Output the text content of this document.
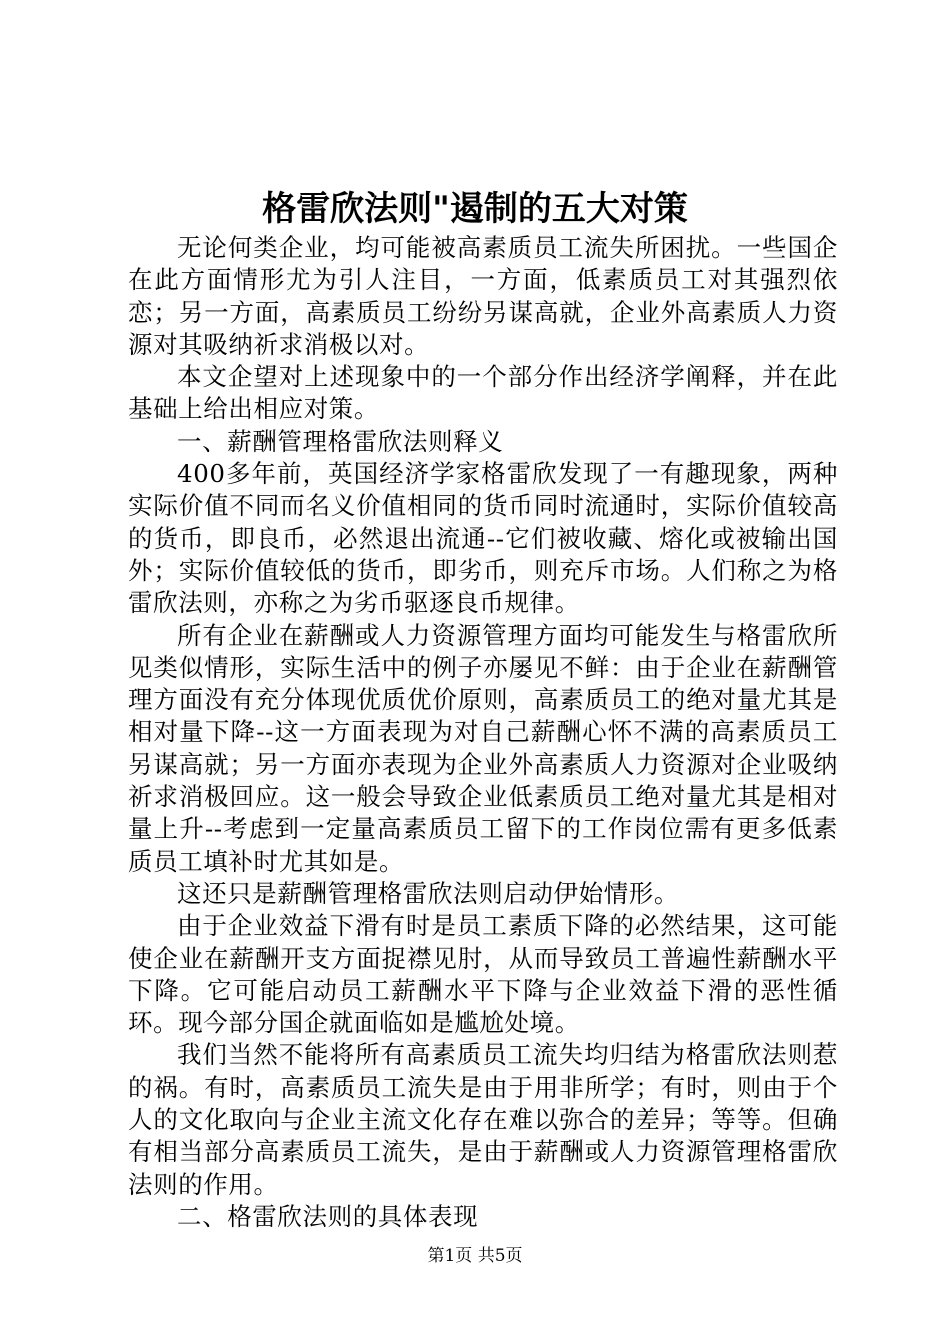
格雷欣法则"遏制的五大对策

无论何类企业，均可能被高素质员工流失所困扰。一些国企在此方面情形尤为引人注目，一方面，低素质员工对其强烈依恋；另一方面，高素质员工纷纷另谋高就，企业外高素质人力资源对其吸纳祈求消极以对。

本文企望对上述现象中的一个部分作出经济学阐释，并在此基础上给出相应对策。

一、薪酬管理格雷欣法则释义

400多年前，英国经济学家格雷欣发现了一有趣现象，两种实际价值不同而名义价值相同的货币同时流通时，实际价值较高的货币，即良币，必然退出流通--它们被收藏、熔化或被输出国外；实际价值较低的货币，即劣币，则充斥市场。人们称之为格雷欣法则，亦称之为劣币驱逐良币规律。

所有企业在薪酬或人力资源管理方面均可能发生与格雷欣所见类似情形，实际生活中的例子亦屡见不鲜：由于企业在薪酬管理方面没有充分体现优质优价原则，高素质员工的绝对量尤其是相对量下降--这一方面表现为对自己薪酬心怀不满的高素质员工另谋高就；另一方面亦表现为企业外高素质人力资源对企业吸纳祈求消极回应。这一般会导致企业低素质员工绝对量尤其是相对量上升--考虑到一定量高素质员工留下的工作岗位需有更多低素质员工填补时尤其如是。

这还只是薪酬管理格雷欣法则启动伊始情形。

由于企业效益下滑有时是员工素质下降的必然结果，这可能使企业在薪酬开支方面捉襟见肘，从而导致员工普遍性薪酬水平下降。它可能启动员工薪酬水平下降与企业效益下滑的恶性循环。现今部分国企就面临如是尴尬处境。

我们当然不能将所有高素质员工流失均归结为格雷欣法则惹的祸。有时，高素质员工流失是由于用非所学；有时，则由于个人的文化取向与企业主流文化存在难以弥合的差异；等等。但确有相当部分高素质员工流失，是由于薪酬或人力资源管理格雷欣法则的作用。

二、格雷欣法则的具体表现

第1页 共5页
